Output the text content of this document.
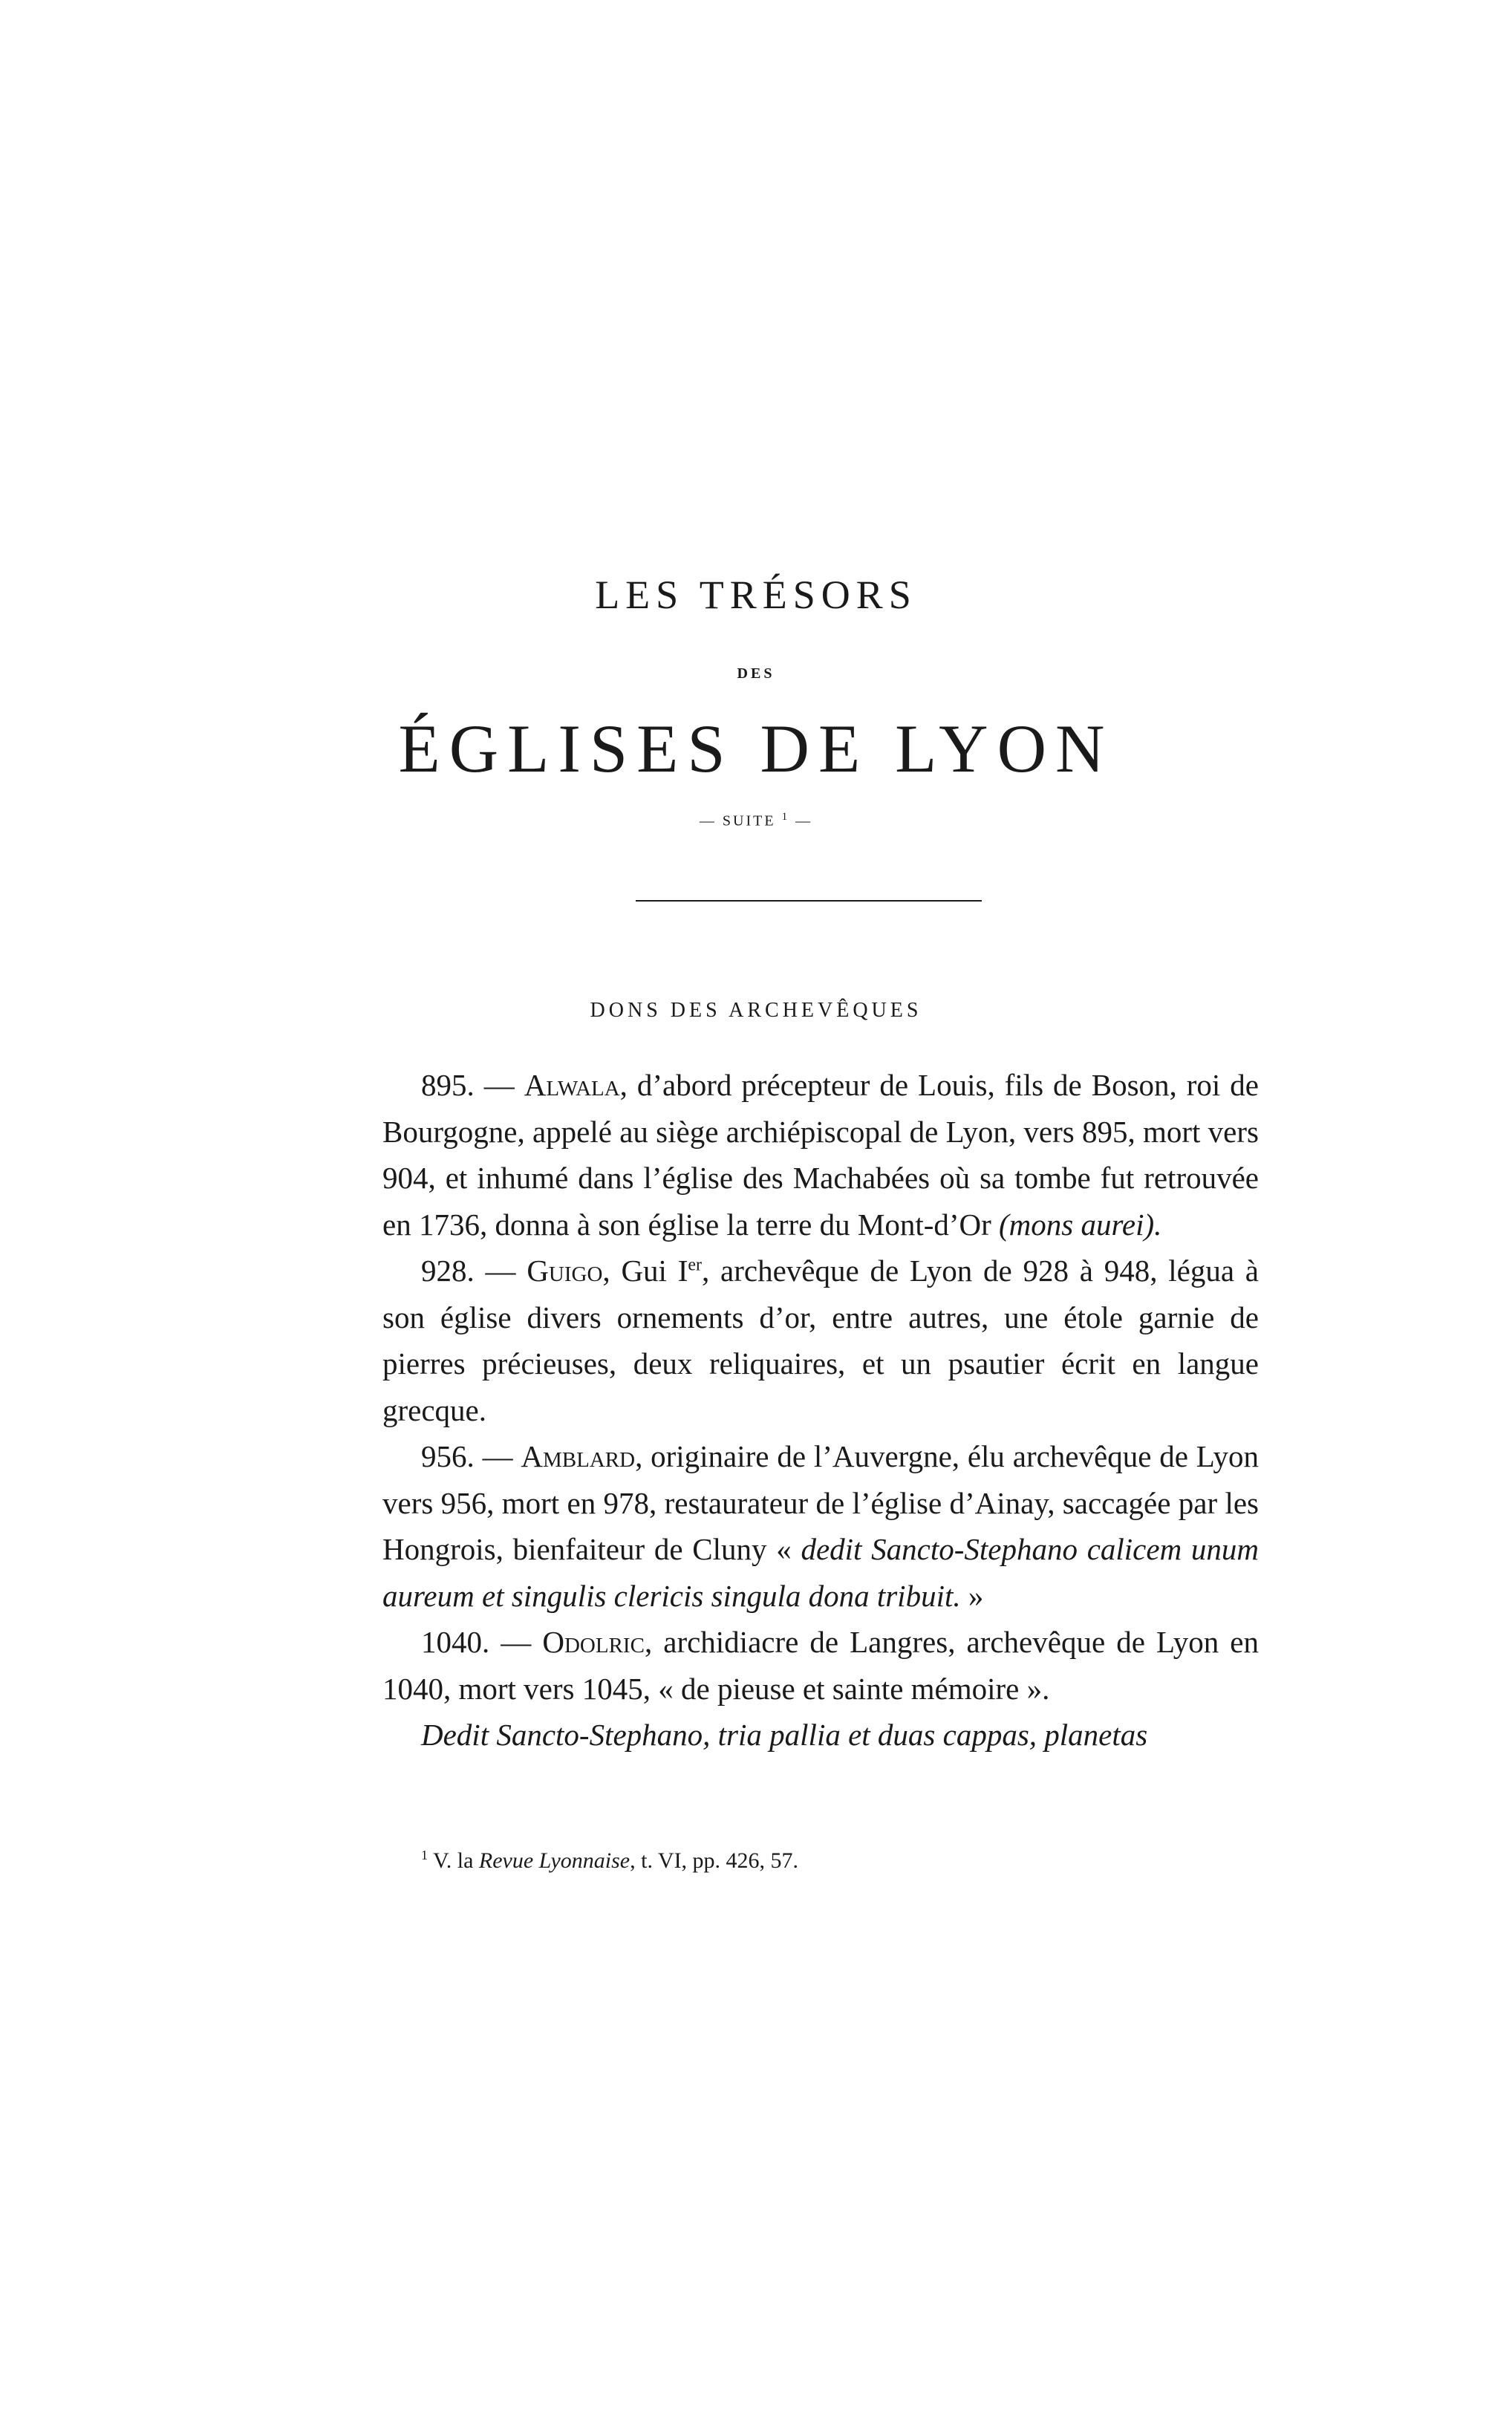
LES TRÉSORS
DES
ÉGLISES DE LYON
— SUITE $^1$ —
DONS DES ARCHEVÊQUES

895. — Alwala, d’abord précepteur de Louis, fils de Boson, roi de Bourgogne, appelé au siège archiépiscopal de Lyon, vers 895, mort vers 904, et inhumé dans l’église des Machabées où sa tombe fut retrouvée en 1736, donna à son église la terre du Mont-d’Or (mons aurei).

928. — Guigo, Gui Ier, archevêque de Lyon de 928 à 948, légua à son église divers ornements d’or, entre autres, une étole garnie de pierres précieuses, deux reliquaires, et un psautier écrit en langue grecque.

956. — Amblard, originaire de l’Auvergne, élu archevêque de Lyon vers 956, mort en 978, restaurateur de l’église d’Ainay, saccagée par les Hongrois, bienfaiteur de Cluny « dedit Sancto-Stephano calicem unum aureum et singulis clericis singula dona tribuit. »

1040. — Odolric, archidiacre de Langres, archevêque de Lyon en 1040, mort vers 1045, « de pieuse et sainte mémoire ».

Dedit Sancto-Stephano, tria pallia et duas cappas, planetas

$^1$ V. la Revue Lyonnaise, t. VI, pp. 426, 57.
